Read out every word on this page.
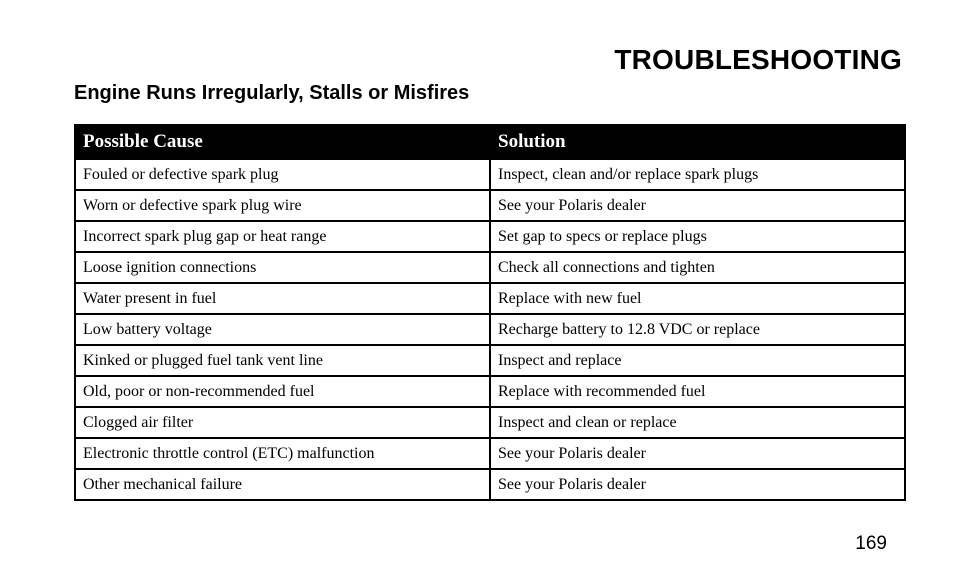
TROUBLESHOOTING
Engine Runs Irregularly, Stalls or Misfires
Possible Cause	Solution
Fouled or defective spark plug	Inspect, clean and/or replace spark plugs
Worn or defective spark plug wire	See your Polaris dealer
Incorrect spark plug gap or heat range	Set gap to specs or replace plugs
Loose ignition connections	Check all connections and tighten
Water present in fuel	Replace with new fuel
Low battery voltage	Recharge battery to 12.8 VDC or replace
Kinked or plugged fuel tank vent line	Inspect and replace
Old, poor or non-recommended fuel	Replace with recommended fuel
Clogged air filter	Inspect and clean or replace
Electronic throttle control (ETC) malfunction	See your Polaris dealer
Other mechanical failure	See your Polaris dealer

169
